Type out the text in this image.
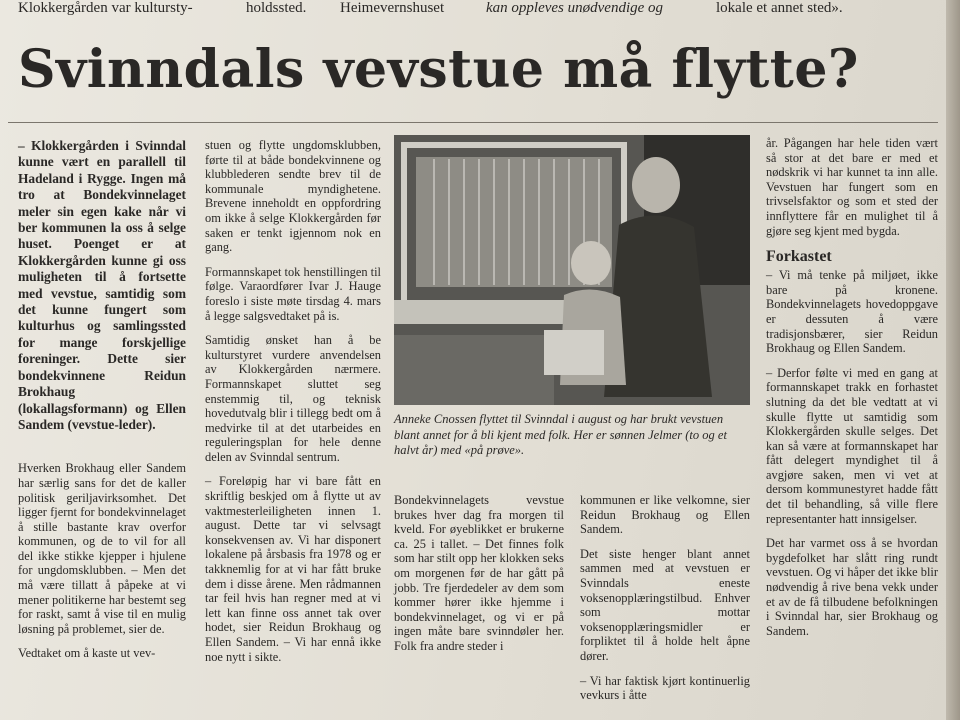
Klokkergården var kultursty-	holdssted. Heimevernshuset	kan oppleves unødvendige og	lokale et annet sted».
Svinndals vevstue må flytte?

– Klokkergården i Svinndal kunne vært en parallell til Hadeland i Rygge. Ingen må tro at Bondekvinnelaget meler sin egen kake når vi ber kommunen la oss å selge huset. Poenget er at Klokkergården kunne gi oss muligheten til å fortsette med vevstue, samtidig som det kunne fungert som kulturhus og samlingssted for mange forskjellige foreninger. Dette sier bondekvinnene Reidun Brokhaug (lokallagsformann) og Ellen Sandem (vevstue-leder).

Hverken Brokhaug eller Sandem har særlig sans for det de kaller politisk geriljavirksomhet. Det ligger fjernt for bondekvinnelaget å stille bastante krav overfor kommunen, og de to vil for all del ikke stikke kjepper i hjulene for ungdomsklubben. – Men det må være tillatt å påpeke at vi mener politikerne har bestemt seg for raskt, samt å vise til en mulig løsning på problemet, sier de.

Vedtaket om å kaste ut vev-

stuen og flytte ungdomsklubben, førte til at både bondekvinnene og klubblederen sendte brev til de kommunale myndighetene. Brevene inneholdt en oppfordring om ikke å selge Klokkergården før saken er tenkt igjennom nok en gang.

Formannskapet tok henstillingen til følge. Varaordfører Ivar J. Hauge foreslo i siste møte tirsdag 4. mars å legge salgsvedtaket på is.

Samtidig ønsket han å be kulturstyret vurdere anvendelsen av Klokkergården nærmere. Formannskapet sluttet seg enstemmig til, og teknisk hovedutvalg blir i tillegg bedt om å medvirke til at det utarbeides en reguleringsplan for hele denne delen av Svinndal sentrum.

– Foreløpig har vi bare fått en skriftlig beskjed om å flytte ut av vaktmesterleiligheten innen 1. august. Dette tar vi selvsagt konsekvensen av. Vi har disponert lokalene på årsbasis fra 1978 og er takknemlig for at vi har fått bruke dem i disse årene. Men rådmannen tar feil hvis han regner med at vi lett kan finne oss annet tak over hodet, sier Reidun Brokhaug og Ellen Sandem. – Vi har ennå ikke noe nytt i sikte.

Anneke Cnossen flyttet til Svinndal i august og har brukt vevstuen blant annet for å bli kjent med folk. Her er sønnen Jelmer (to og et halvt år) med «på prøve».

Bondekvinnelagets vevstue brukes hver dag fra morgen til kveld. For øyeblikket er brukerne ca. 25 i tallet. – Det finnes folk som har stilt opp her klokken seks om morgenen før de har gått på jobb. Tre fjerdedeler av dem som kommer hører ikke hjemme i bondekvinnelaget, og vi er på ingen måte bare svinndøler her. Folk fra andre steder i

kommunen er like velkomne, sier Reidun Brokhaug og Ellen Sandem.

Det siste henger blant annet sammen med at vevstuen er Svinndals eneste voksenopplæringstilbud. Enhver som mottar voksenopplæringsmidler er forpliktet til å holde helt åpne dører.

– Vi har faktisk kjørt kontinuerlig vevkurs i åtte

år. Pågangen har hele tiden vært så stor at det bare er med et nødskrik vi har kunnet ta inn alle. Vevstuen har fungert som en trivselsfaktor og som et sted der innflyttere får en mulighet til å gjøre seg kjent med bygda.

Forkastet

– Vi må tenke på miljøet, ikke bare på kronene. Bondekvinnelagets hovedoppgave er dessuten å være tradisjonsbærer, sier Reidun Brokhaug og Ellen Sandem.

– Derfor følte vi med en gang at formannskapet trakk en forhastet slutning da det ble vedtatt at vi skulle flytte ut samtidig som Klokkergården skulle selges. Det kan så være at formannskapet har fått delegert myndighet til å avgjøre saken, men vi vet at dersom kommunestyret hadde fått det til behandling, så ville flere representanter hatt innsigelser.

Det har varmet oss å se hvordan bygdefolket har slått ring rundt vevstuen. Og vi håper det ikke blir nødvendig å rive bena vekk under et av de få tilbudene befolkningen i Svinndal har, sier Brokhaug og Sandem.
